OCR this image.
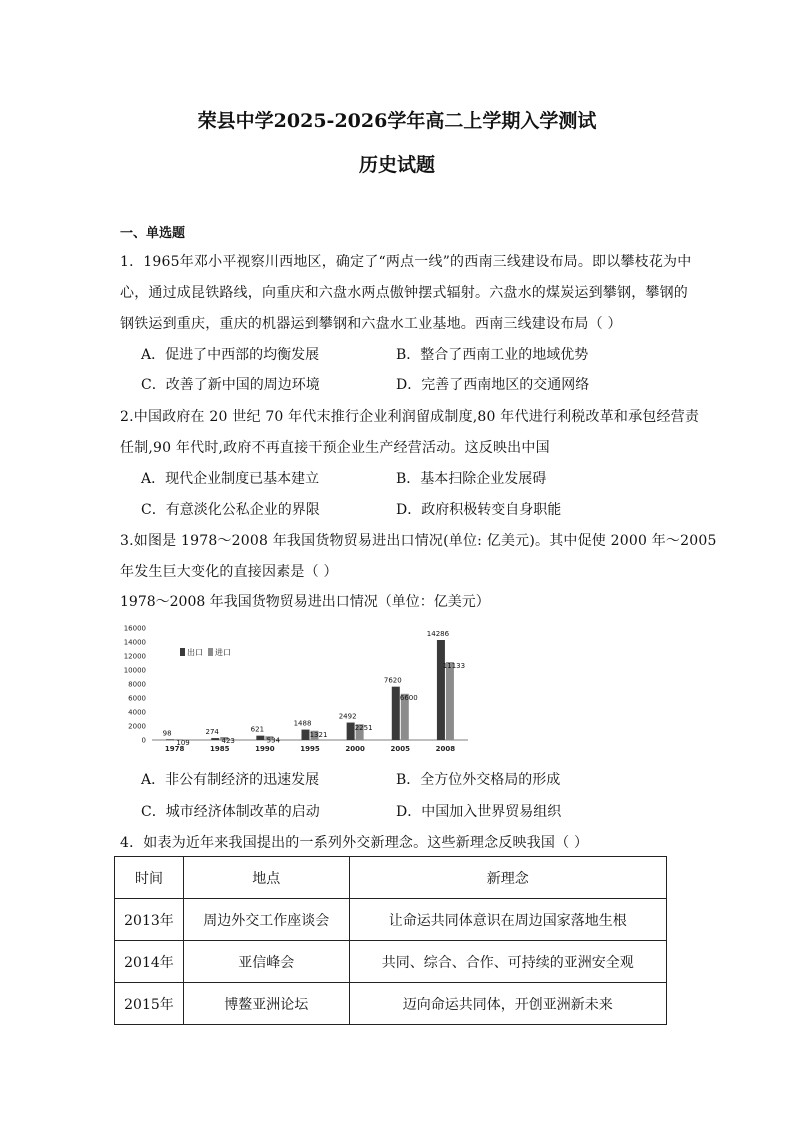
荣县中学2025-2026学年高二上学期入学测试
历史试题
一、单选题
1．1965年邓小平视察川西地区，确定了“两点一线”的西南三线建设布局。即以攀枝花为中
心，通过成昆铁路线，向重庆和六盘水两点傲钟摆式辐射。六盘水的煤炭运到攀钢，攀钢的
钢铁运到重庆，重庆的机器运到攀钢和六盘水工业基地。西南三线建设布局（ ）
A．促进了中西部的均衡发展	B．整合了西南工业的地域优势
C．改善了新中国的周边环境	D．完善了西南地区的交通网络
2.中国政府在 20 世纪 70 年代末推行企业利润留成制度,80 年代进行利税改革和承包经营责
任制,90 年代时,政府不再直接干预企业生产经营活动。这反映出中国
A．现代企业制度已基本建立	B．基本扫除企业发展碍
C．有意淡化公私企业的界限	D．政府积极转变自身职能
3.如图是 1978～2008 年我国货物贸易进出口情况(单位: 亿美元)。其中促使 2000 年～2005
年发生巨大变化的直接因素是（ ）
1978～2008 年我国货物贸易进出口情况（单位：亿美元）
0
2000
4000
6000
8000
10000
12000
14000
16000
98
109
1978
274
423
1985
621
534
1990
1488
1321
1995
2492
2251
2000
7620
6600
2005
14286
11133
2008
出口 进口
A．非公有制经济的迅速发展	B．全方位外交格局的形成
C．城市经济体制改革的启动	D．中国加入世界贸易组织
4．如表为近年来我国提出的一系列外交新理念。这些新理念反映我国（ ）
时间	地点	新理念
2013年	周边外交工作座谈会	让命运共同体意识在周边国家落地生根
2014年	亚信峰会	共同、综合、合作、可持续的亚洲安全观
2015年	博鳌亚洲论坛	迈向命运共同体，开创亚洲新未来
